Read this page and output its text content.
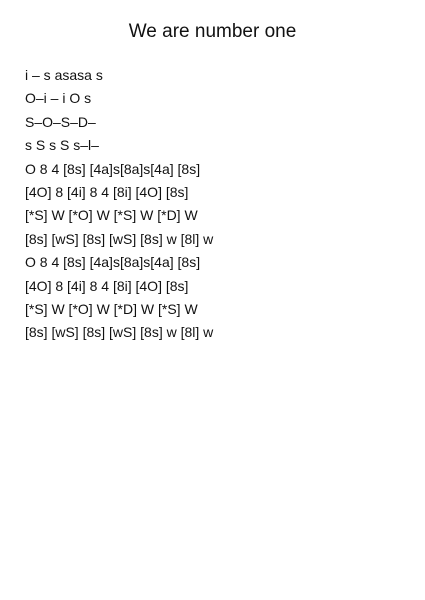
We are number one
i – s asasa s
O–i – i O s
S–O–S–D–
s S s S s–l–
O 8 4 [8s] [4a]s[8a]s[4a] [8s]
[4O] 8 [4i] 8 4 [8i] [4O] [8s]
[*S] W [*O] W [*S] W [*D] W
[8s] [wS] [8s] [wS] [8s] w [8l] w
O 8 4 [8s] [4a]s[8a]s[4a] [8s]
[4O] 8 [4i] 8 4 [8i] [4O] [8s]
[*S] W [*O] W [*D] W [*S] W
[8s] [wS] [8s] [wS] [8s] w [8l] w
